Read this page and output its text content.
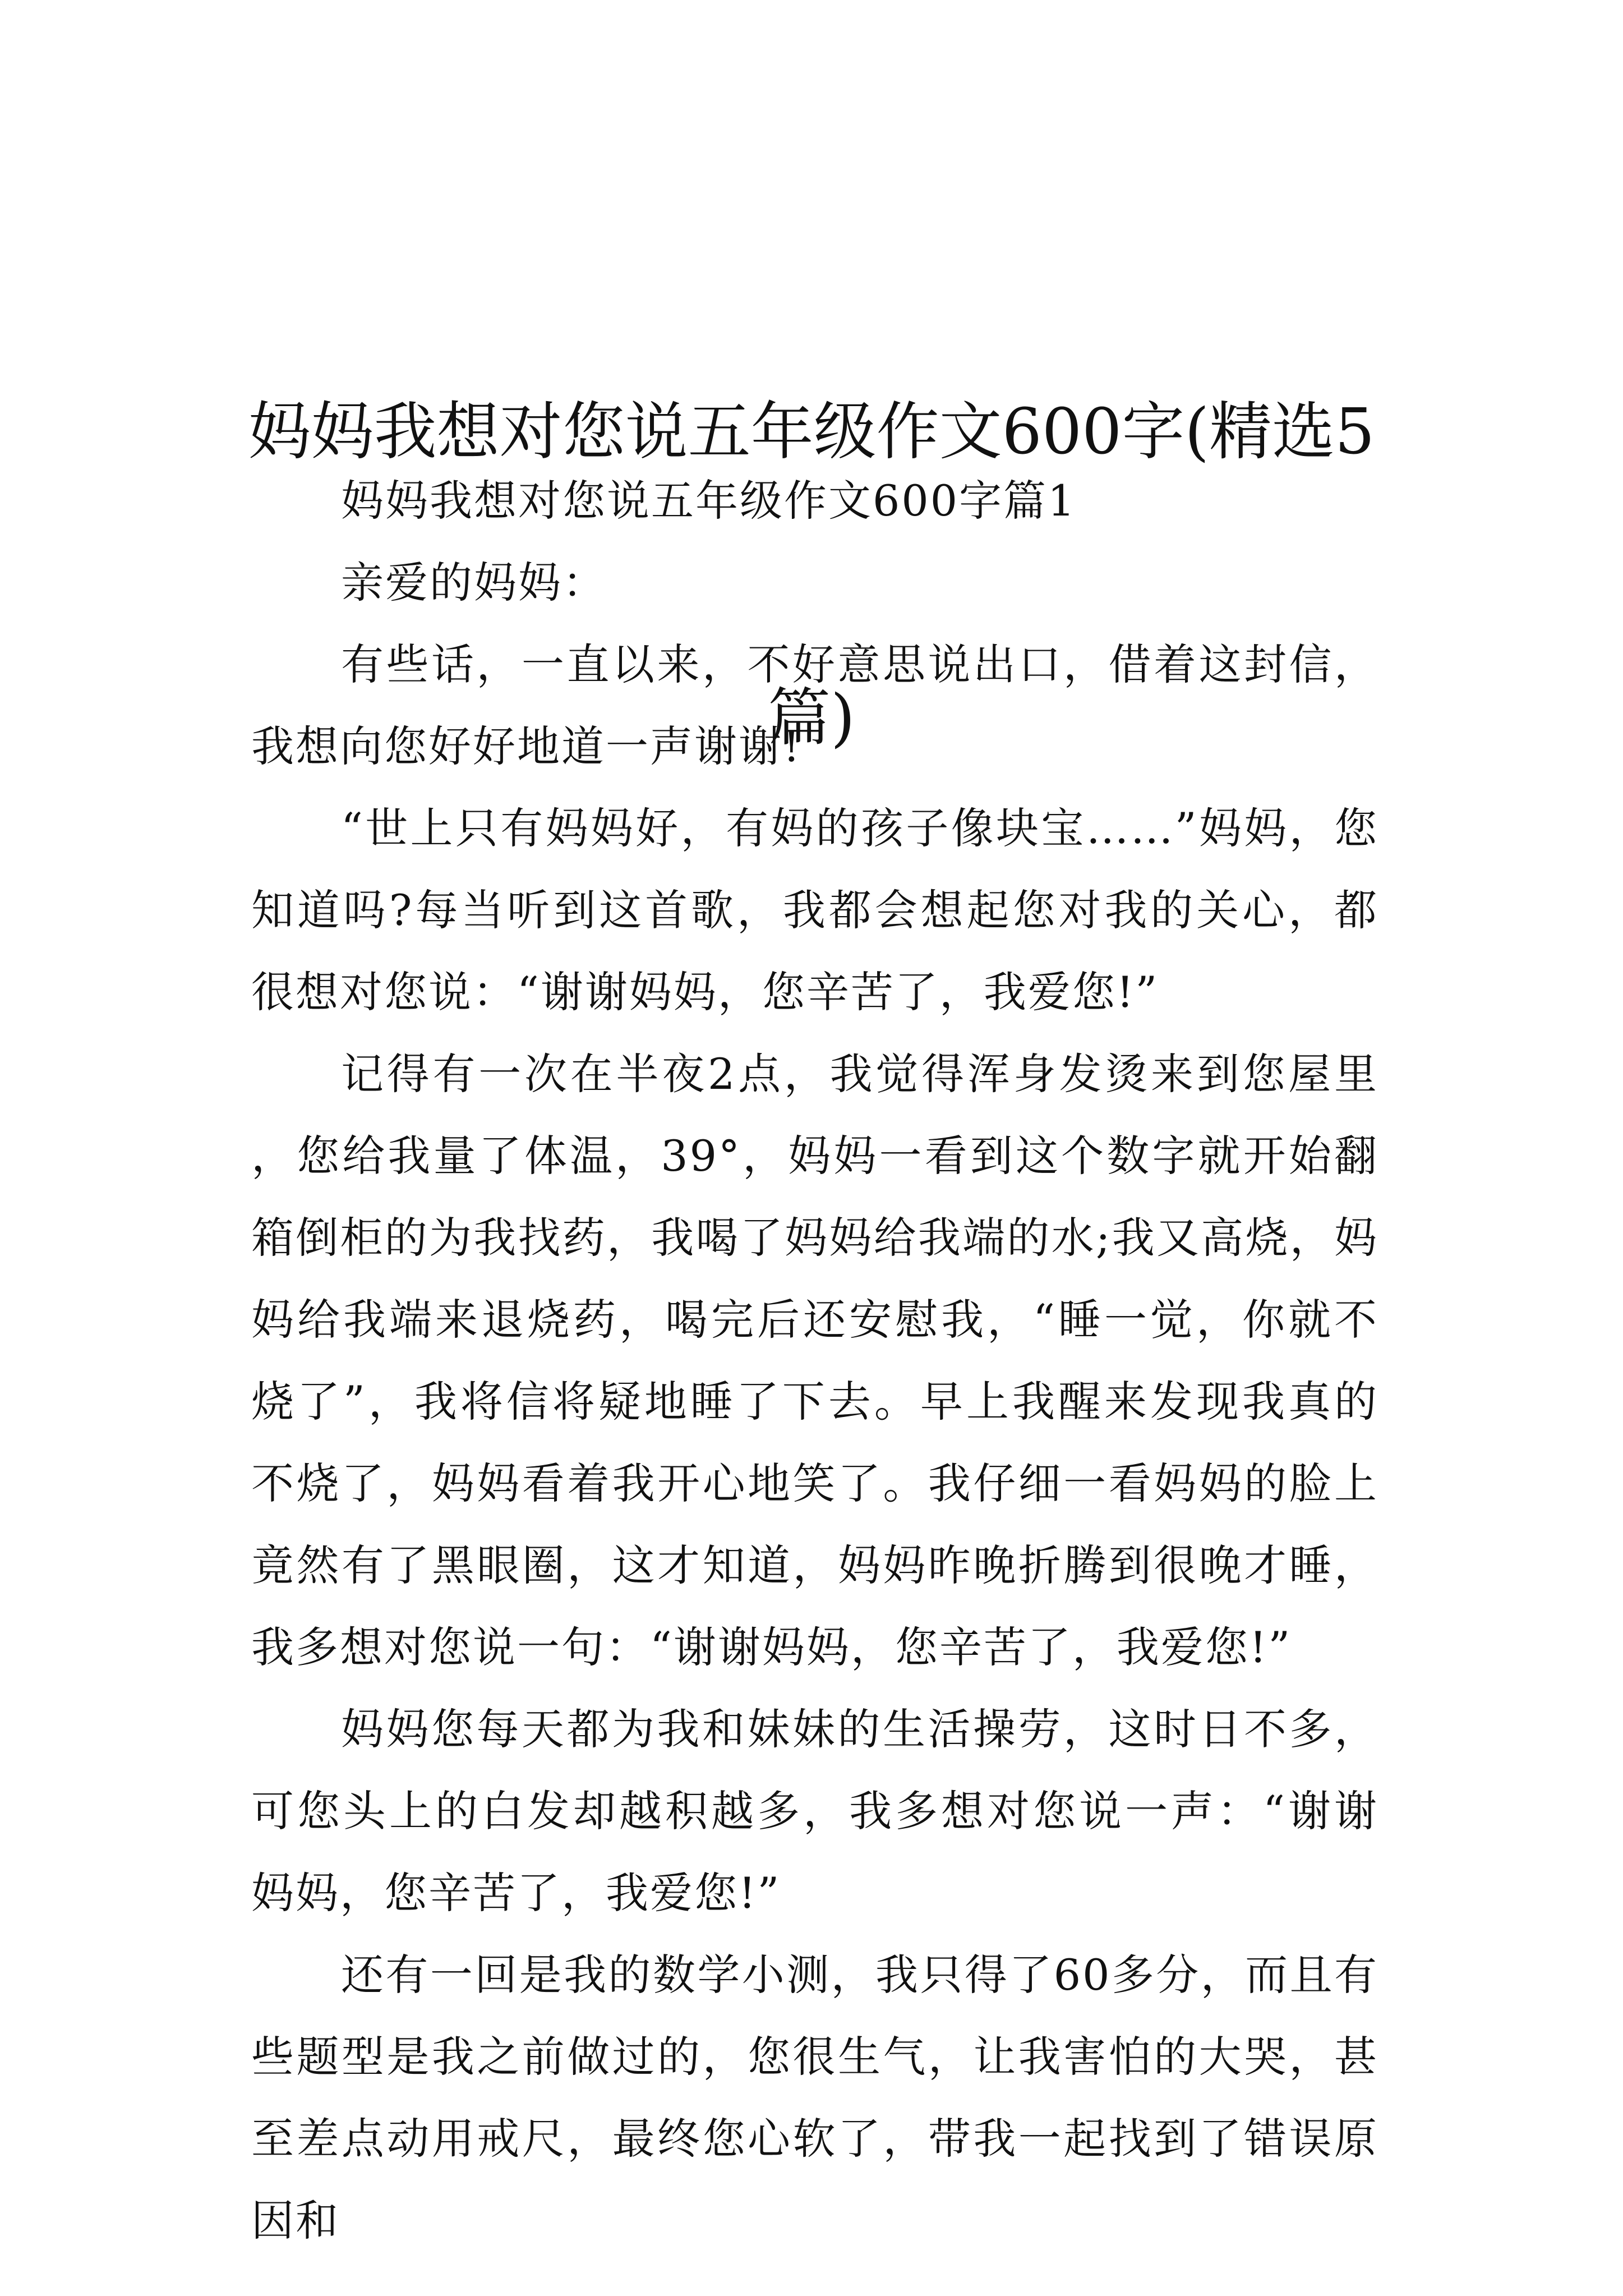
妈妈我想对您说五年级作文600字(精选5

篇)

妈妈我想对您说五年级作文600字篇1

亲爱的妈妈：

有些话，一直以来，不好意思说出口，借着这封信，我想向您好好地道一声谢谢!

“世上只有妈妈好，有妈的孩子像块宝……”妈妈，您知道吗?每当听到这首歌，我都会想起您对我的关心，都很想对您说：“谢谢妈妈，您辛苦了，我爱您!”

记得有一次在半夜2点，我觉得浑身发烫来到您屋里，您给我量了体温，39°，妈妈一看到这个数字就开始翻箱倒柜的为我找药，我喝了妈妈给我端的水;我又高烧，妈妈给我端来退烧药，喝完后还安慰我，“睡一觉，你就不烧了”，我将信将疑地睡了下去。早上我醒来发现我真的不烧了，妈妈看着我开心地笑了。我仔细一看妈妈的脸上竟然有了黑眼圈，这才知道，妈妈昨晚折腾到很晚才睡，我多想对您说一句：“谢谢妈妈，您辛苦了，我爱您!”

妈妈您每天都为我和妹妹的生活操劳，这时日不多，可您头上的白发却越积越多，我多想对您说一声：“谢谢妈妈，您辛苦了，我爱您!”

还有一回是我的数学小测，我只得了60多分，而且有些题型是我之前做过的，您很生气，让我害怕的大哭，甚至差点动用戒尺，最终您心软了，带我一起找到了错误原因和
